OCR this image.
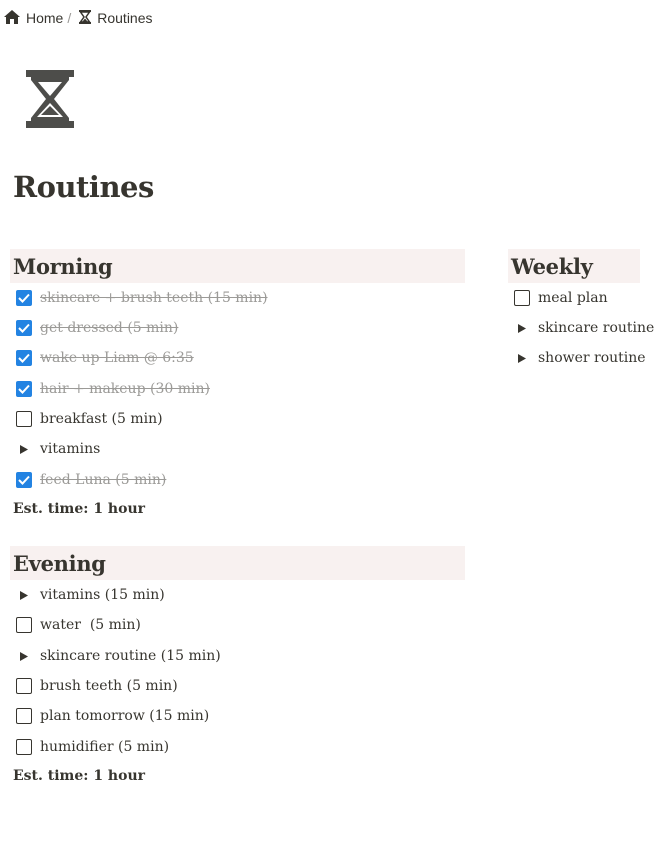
Home / Routines
Routines
Morning
skincare + brush teeth (15 min)
get dressed (5 min)
wake up Liam @ 6:35
hair + makeup (30 min)
breakfast (5 min)
vitamins
feed Luna (5 min)
Est. time: 1 hour
Evening
vitamins (15 min)
water  (5 min)
skincare routine (15 min)
brush teeth (5 min)
plan tomorrow (15 min)
humidifier (5 min)
Est. time: 1 hour
Weekly
meal plan
skincare routine
shower routine
